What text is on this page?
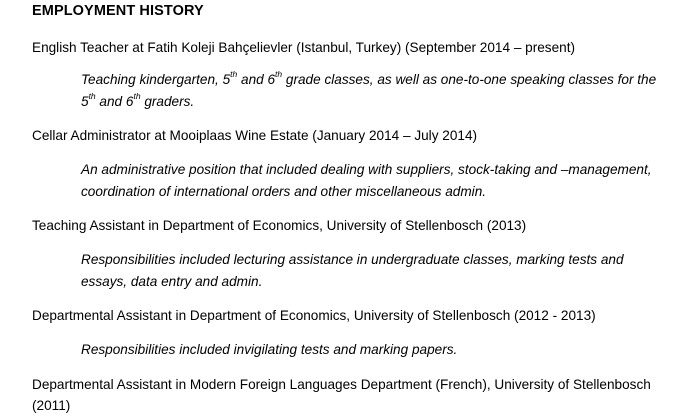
EMPLOYMENT HISTORY

English Teacher at Fatih Koleji Bahçelievler (Istanbul, Turkey) (September 2014 – present)

Teaching kindergarten, 5th and 6th grade classes, as well as one-to-one speaking classes for the
5th and 6th graders.

Cellar Administrator at Mooiplaas Wine Estate (January 2014 – July 2014)

An administrative position that included dealing with suppliers, stock-taking and –management, coordination of international orders and other miscellaneous admin.

Teaching Assistant in Department of Economics, University of Stellenbosch (2013)

Responsibilities included lecturing assistance in undergraduate classes, marking tests and essays, data entry and admin.

Departmental Assistant in Department of Economics, University of Stellenbosch (2012 - 2013)

Responsibilities included invigilating tests and marking papers.

Departmental Assistant in Modern Foreign Languages Department (French), University of Stellenbosch (2011)
